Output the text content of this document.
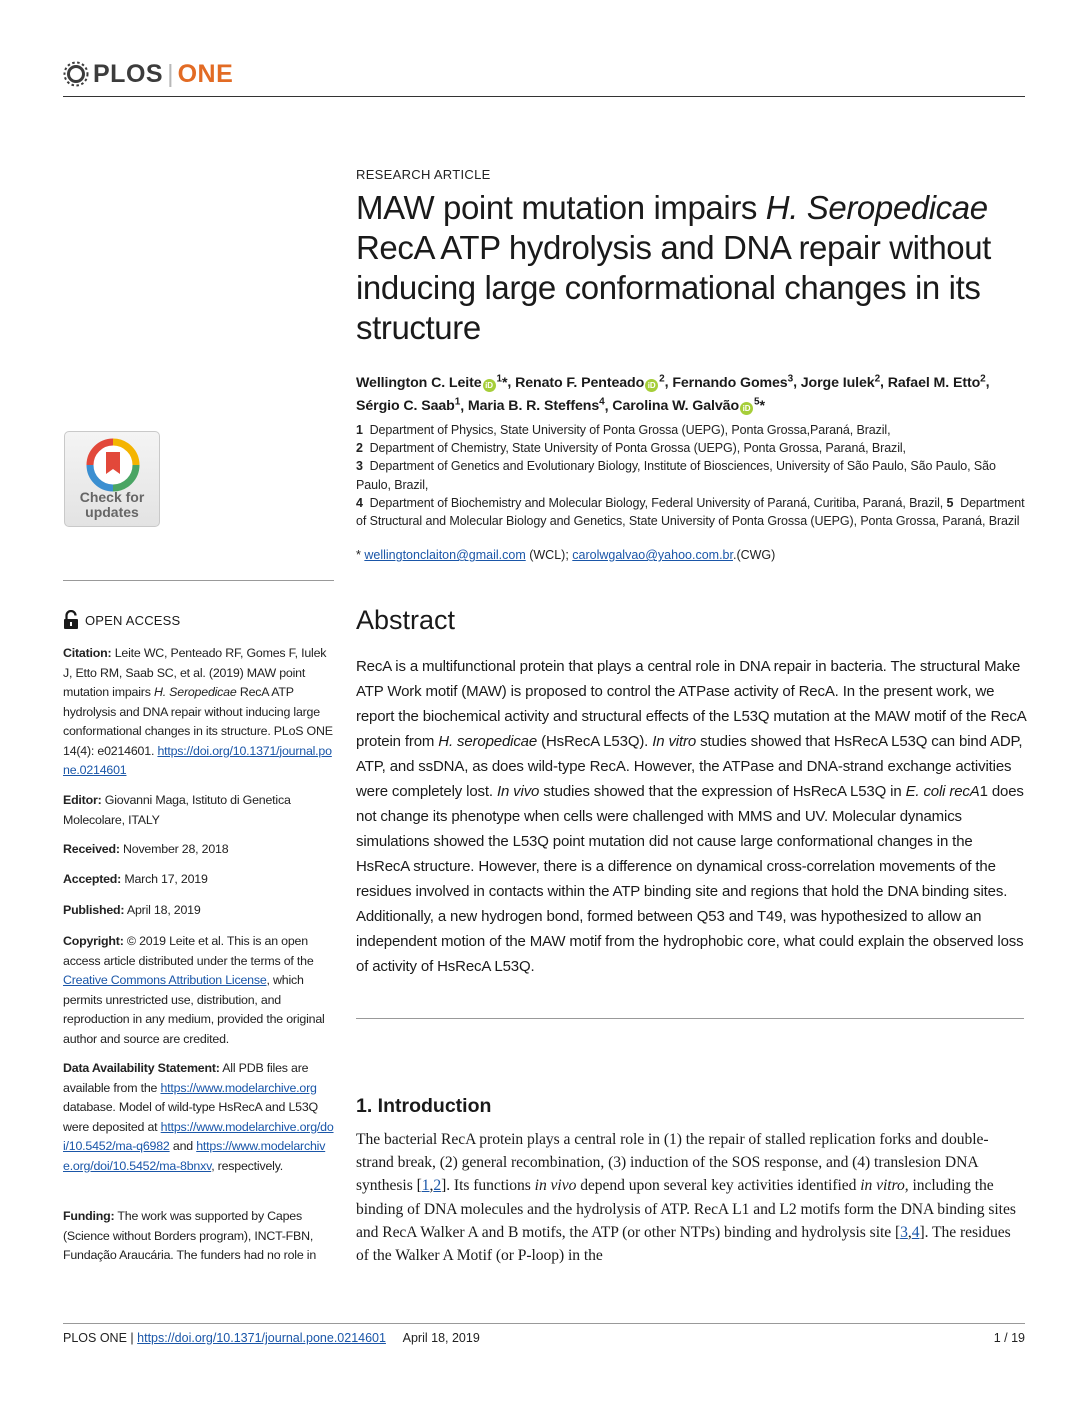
PLOS | ONE
Check for updates
OPEN ACCESS
Citation: Leite WC, Penteado RF, Gomes F, Iulek J, Etto RM, Saab SC, et al. (2019) MAW point mutation impairs H. Seropedicae RecA ATP hydrolysis and DNA repair without inducing large conformational changes in its structure. PLoS ONE 14(4): e0214601. https://doi.org/10.1371/journal.pone.0214601
Editor: Giovanni Maga, Istituto di Genetica Molecolare, ITALY
Received: November 28, 2018
Accepted: March 17, 2019
Published: April 18, 2019
Copyright: © 2019 Leite et al. This is an open access article distributed under the terms of the Creative Commons Attribution License, which permits unrestricted use, distribution, and reproduction in any medium, provided the original author and source are credited.
Data Availability Statement: All PDB files are available from the https://www.modelarchive.org database. Model of wild-type HsRecA and L53Q were deposited at https://www.modelarchive.org/doi/10.5452/ma-q6982 and https://www.modelarchive.org/doi/10.5452/ma-8bnxv, respectively.
Funding: The work was supported by Capes (Science without Borders program), INCT-FBN, Fundação Araucária. The funders had no role in
RESEARCH ARTICLE
MAW point mutation impairs H. Seropedicae RecA ATP hydrolysis and DNA repair without inducing large conformational changes in its structure
Wellington C. Leite $iD^1*$, Renato F. Penteado $iD^2$, Fernando Gomes$^3$, Jorge Iulek$^2$, Rafael M. Etto$^2$, Sérgio C. Saab$^1$, Maria B. R. Steffens$^4$, Carolina W. Galvão $iD^5*$
1 Department of Physics, State University of Ponta Grossa (UEPG), Ponta Grossa,Paraná, Brazil,
2 Department of Chemistry, State University of Ponta Grossa (UEPG), Ponta Grossa, Paraná, Brazil,
3 Department of Genetics and Evolutionary Biology, Institute of Biosciences, University of São Paulo, São Paulo, São Paulo, Brazil,
4 Department of Biochemistry and Molecular Biology, Federal University of Paraná, Curitiba, Paraná, Brazil, 5 Department of Structural and Molecular Biology and Genetics, State University of Ponta Grossa (UEPG), Ponta Grossa, Paraná, Brazil
* wellingtonclaiton@gmail.com (WCL); carolwgalvao@yahoo.com.br.(CWG)
Abstract
RecA is a multifunctional protein that plays a central role in DNA repair in bacteria. The structural Make ATP Work motif (MAW) is proposed to control the ATPase activity of RecA. In the present work, we report the biochemical activity and structural effects of the L53Q mutation at the MAW motif of the RecA protein from H. seropedicae (HsRecA L53Q). In vitro studies showed that HsRecA L53Q can bind ADP, ATP, and ssDNA, as does wild-type RecA. However, the ATPase and DNA-strand exchange activities were completely lost. In vivo studies showed that the expression of HsRecA L53Q in E. coli recA1 does not change its phenotype when cells were challenged with MMS and UV. Molecular dynamics simulations showed the L53Q point mutation did not cause large conformational changes in the HsRecA structure. However, there is a difference on dynamical cross-correlation movements of the residues involved in contacts within the ATP binding site and regions that hold the DNA binding sites. Additionally, a new hydrogen bond, formed between Q53 and T49, was hypothesized to allow an independent motion of the MAW motif from the hydrophobic core, what could explain the observed loss of activity of HsRecA L53Q.
1. Introduction
The bacterial RecA protein plays a central role in (1) the repair of stalled replication forks and double-strand break, (2) general recombination, (3) induction of the SOS response, and (4) translesion DNA synthesis [1,2]. Its functions in vivo depend upon several key activities identified in vitro, including the binding of DNA molecules and the hydrolysis of ATP. RecA L1 and L2 motifs form the DNA binding sites and RecA Walker A and B motifs, the ATP (or other NTPs) binding and hydrolysis site [3,4]. The residues of the Walker A Motif (or P-loop) in the
PLOS ONE | https://doi.org/10.1371/journal.pone.0214601 April 18, 2019	1 / 19
